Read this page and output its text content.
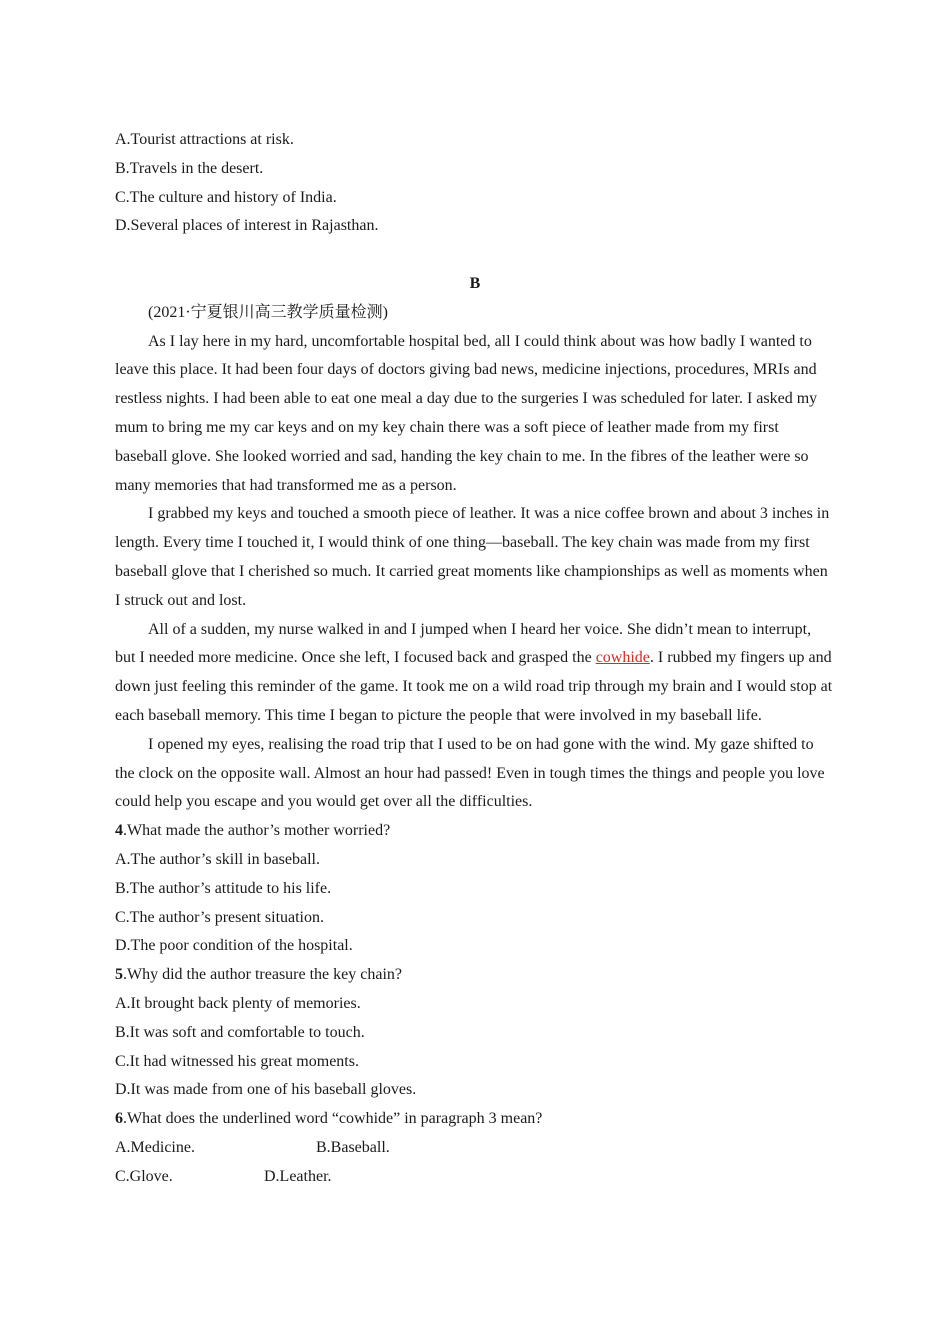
A.Tourist attractions at risk.
B.Travels in the desert.
C.The culture and history of India.
D.Several places of interest in Rajasthan.
B
(2021·宁夏银川高三教学质量检测)
As I lay here in my hard, uncomfortable hospital bed, all I could think about was how badly I wanted to leave this place. It had been four days of doctors giving bad news, medicine injections, procedures, MRIs and restless nights. I had been able to eat one meal a day due to the surgeries I was scheduled for later. I asked my mum to bring me my car keys and on my key chain there was a soft piece of leather made from my first baseball glove. She looked worried and sad, handing the key chain to me. In the fibres of the leather were so many memories that had transformed me as a person.
I grabbed my keys and touched a smooth piece of leather. It was a nice coffee brown and about 3 inches in length. Every time I touched it, I would think of one thing—baseball. The key chain was made from my first baseball glove that I cherished so much. It carried great moments like championships as well as moments when I struck out and lost.
All of a sudden, my nurse walked in and I jumped when I heard her voice. She didn’t mean to interrupt, but I needed more medicine. Once she left, I focused back and grasped the cowhide. I rubbed my fingers up and down just feeling this reminder of the game. It took me on a wild road trip through my brain and I would stop at each baseball memory. This time I began to picture the people that were involved in my baseball life.
I opened my eyes, realising the road trip that I used to be on had gone with the wind. My gaze shifted to the clock on the opposite wall. Almost an hour had passed! Even in tough times the things and people you love could help you escape and you would get over all the difficulties.
4.What made the author’s mother worried?
A.The author’s skill in baseball.
B.The author’s attitude to his life.
C.The author’s present situation.
D.The poor condition of the hospital.
5.Why did the author treasure the key chain?
A.It brought back plenty of memories.
B.It was soft and comfortable to touch.
C.It had witnessed his great moments.
D.It was made from one of his baseball gloves.
6.What does the underlined word “cowhide” in paragraph 3 mean?
A.Medicine.	B.Baseball.
C.Glove.	D.Leather.
